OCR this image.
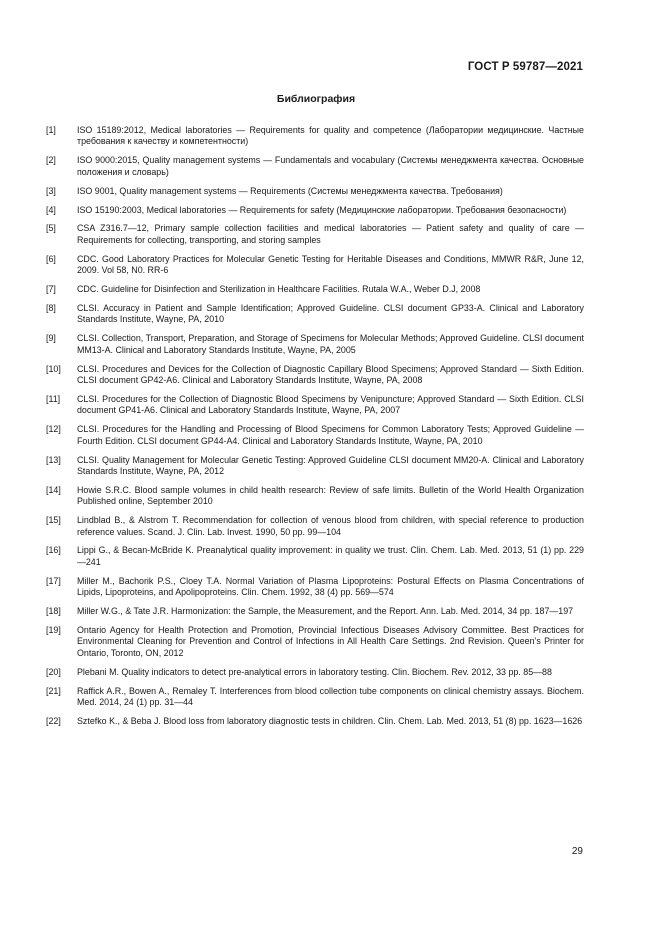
ГОСТ Р 59787—2021
Библиография
[1]	ISO 15189:2012, Medical laboratories — Requirements for quality and competence (Лаборатории медицинские. Частные требования к качеству и компетентности)
[2]	ISO 9000:2015, Quality management systems — Fundamentals and vocabulary (Системы менеджмента качества. Основные положения и словарь)
[3]	ISO 9001, Quality management systems — Requirements (Системы менеджмента качества. Требования)
[4]	ISO 15190:2003, Medical laboratories — Requirements for safety (Медицинские лаборатории. Требования безопасности)
[5]	CSA Z316.7—12, Primary sample collection facilities and medical laboratories — Patient safety and quality of care — Requirements for collecting, transporting, and storing samples
[6]	CDC. Good Laboratory Practices for Molecular Genetic Testing for Heritable Diseases and Conditions, MMWR R&R, June 12, 2009. Vol 58, N0. RR-6
[7]	CDC. Guideline for Disinfection and Sterilization in Healthcare Facilities. Rutala W.A., Weber D.J, 2008
[8]	CLSI. Accuracy in Patient and Sample Identification; Approved Guideline. CLSI document GP33-A. Clinical and Laboratory Standards Institute, Wayne, PA, 2010
[9]	CLSI. Collection, Transport, Preparation, and Storage of Specimens for Molecular Methods; Approved Guideline. CLSI document MM13-A. Clinical and Laboratory Standards Institute, Wayne, PA, 2005
[10]	CLSI. Procedures and Devices for the Collection of Diagnostic Capillary Blood Specimens; Approved Standard — Sixth Edition. CLSI document GP42-A6. Clinical and Laboratory Standards Institute, Wayne, PA, 2008
[11]	CLSI. Procedures for the Collection of Diagnostic Blood Specimens by Venipuncture; Approved Standard — Sixth Edition. CLSI document GP41-A6. Clinical and Laboratory Standards Institute, Wayne, PA, 2007
[12]	CLSI. Procedures for the Handling and Processing of Blood Specimens for Common Laboratory Tests; Approved Guideline — Fourth Edition. CLSI document GP44-A4. Clinical and Laboratory Standards Institute, Wayne, PA, 2010
[13]	CLSI. Quality Management for Molecular Genetic Testing: Approved Guideline CLSI document MM20-A. Clinical and Laboratory Standards Institute, Wayne, PA, 2012
[14]	Howie S.R.C. Blood sample volumes in child health research: Review of safe limits. Bulletin of the World Health Organization Published online, September 2010
[15]	Lindblad B., & Alstrom T. Recommendation for collection of venous blood from children, with special reference to production reference values. Scand. J. Clin. Lab. Invest. 1990, 50 pp. 99—104
[16]	Lippi G., & Becan-McBride K. Preanalytical quality improvement: in quality we trust. Clin. Chem. Lab. Med. 2013, 51 (1) pp. 229—241
[17]	Miller M., Bachorik P.S., Cloey T.A. Normal Variation of Plasma Lipoproteins: Postural Effects on Plasma Concentrations of Lipids, Lipoproteins, and Apolipoproteins. Clin. Chem. 1992, 38 (4) pp. 569—574
[18]	Miller W.G., & Tate J.R. Harmonization: the Sample, the Measurement, and the Report. Ann. Lab. Med. 2014, 34 pp. 187—197
[19]	Ontario Agency for Health Protection and Promotion, Provincial Infectious Diseases Advisory Committee. Best Practices for Environmental Cleaning for Prevention and Control of Infections in All Health Care Settings. 2nd Revision. Queen’s Printer for Ontario, Toronto, ON, 2012
[20]	Plebani M. Quality indicators to detect pre-analytical errors in laboratory testing. Clin. Biochem. Rev. 2012, 33 pp. 85—88
[21]	Raffick A.R., Bowen A., Remaley T. Interferences from blood collection tube components on clinical chemistry assays. Biochem. Med. 2014, 24 (1) pp. 31—44
[22]	Sztefko K., & Beba J. Blood loss from laboratory diagnostic tests in children. Clin. Chem. Lab. Med. 2013, 51 (8) pp. 1623—1626
29
